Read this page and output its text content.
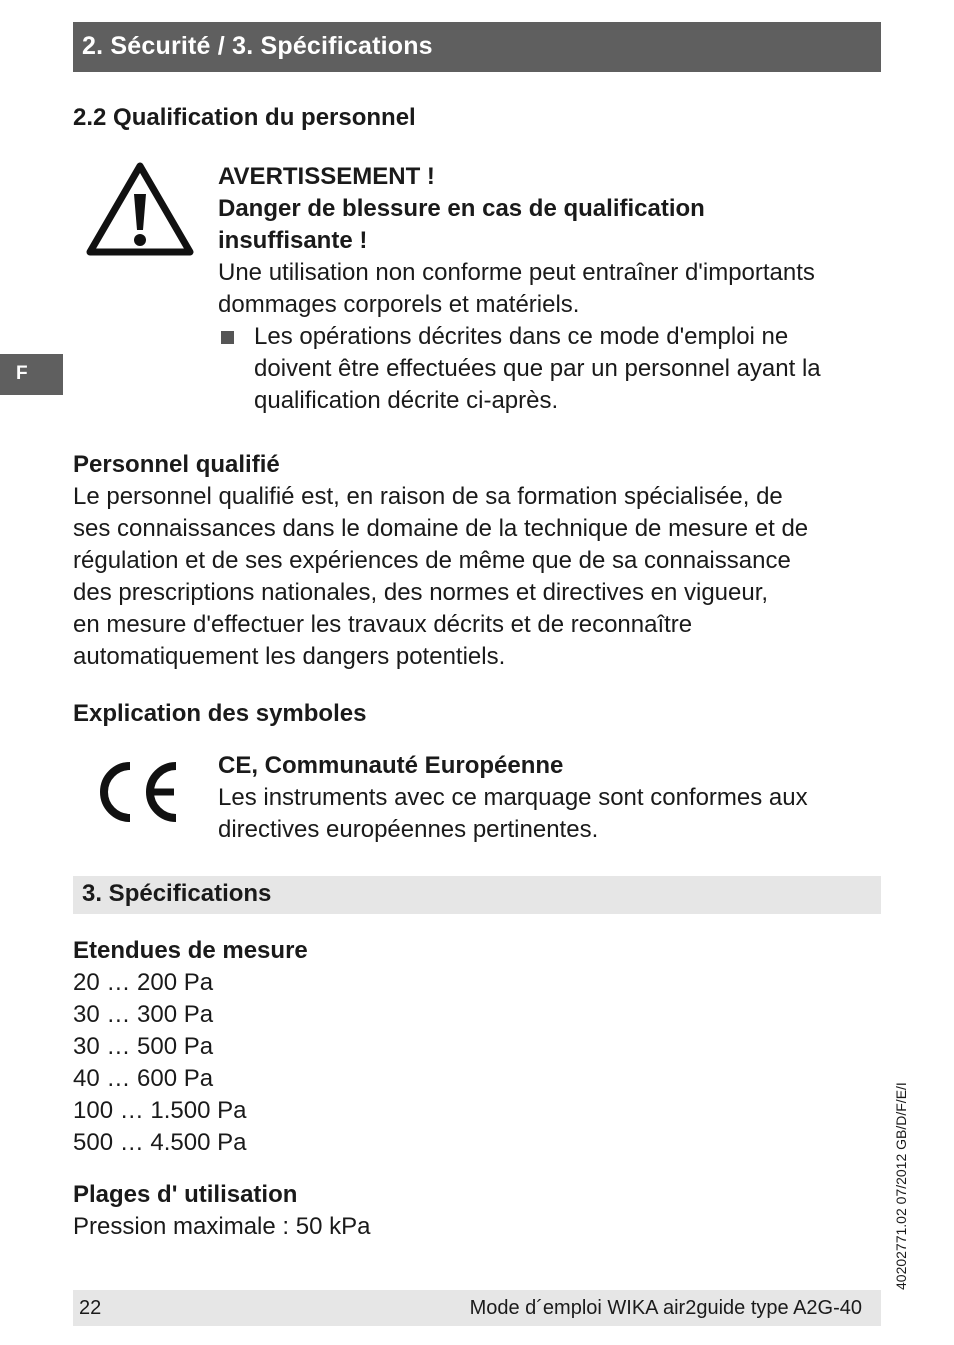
2. Sécurité / 3. Spécifications
F
2.2 Qualification du personnel
AVERTISSEMENT !
Danger de blessure en cas de qualification
insuffisante !
Une utilisation non conforme peut entraîner d'importants
dommages corporels et matériels.
Les opérations décrites dans ce mode d'emploi ne
doivent être effectuées que par un personnel ayant la
qualification décrite ci-après.
Personnel qualifié
Le personnel qualifié est, en raison de sa formation spécialisée, de
ses connaissances dans le domaine de la technique de mesure et de
régulation et de ses expériences de même que de sa connaissance
des prescriptions nationales, des normes et directives en vigueur,
en mesure d'effectuer les travaux décrits et de reconnaître
automatiquement les dangers potentiels.
Explication des symboles
CE, Communauté Européenne
Les instruments avec ce marquage sont conformes aux
directives européennes pertinentes.
3. Spécifications
Etendues de mesure
20 … 200 Pa
30 … 300 Pa
30 … 500 Pa
40 … 600 Pa
100 … 1.500 Pa
500 … 4.500 Pa
Plages d' utilisation
Pression maximale : 50 kPa
22	Mode d´emploi WIKA air2guide type A2G-40
40202771.02 07/2012 GB/D/F/E/I
